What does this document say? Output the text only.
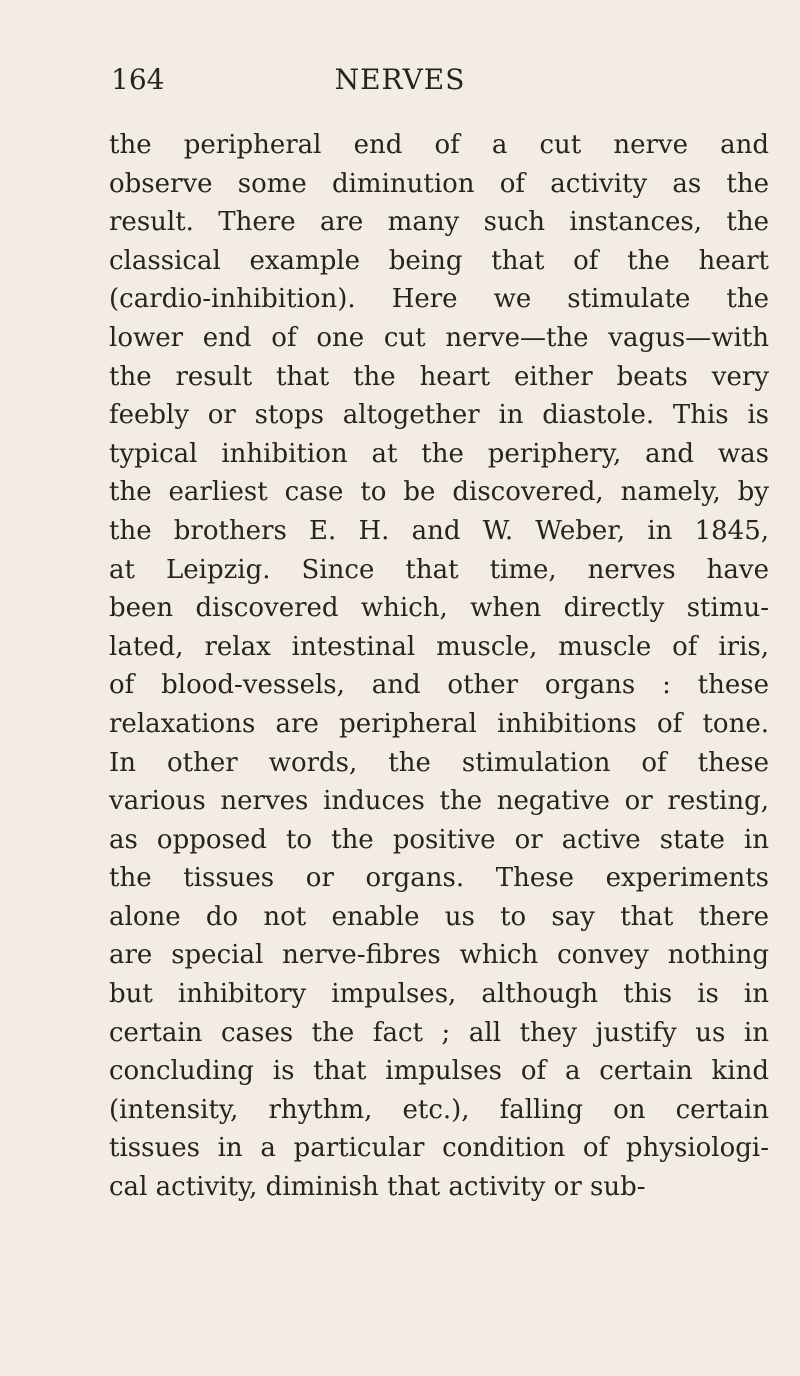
164	NERVES
the peripheral end of a cut nerve and
observe some diminution of activity as the
result. There are many such instances, the
classical example being that of the heart
(cardio-inhibition). Here we stimulate the
lower end of one cut nerve—the vagus—with
the result that the heart either beats very
feebly or stops altogether in diastole. This is
typical inhibition at the periphery, and was
the earliest case to be discovered, namely, by
the brothers E. H. and W. Weber, in 1845,
at Leipzig. Since that time, nerves have
been discovered which, when directly stimu-
lated, relax intestinal muscle, muscle of iris,
of blood-vessels, and other organs : these
relaxations are peripheral inhibitions of tone.
In other words, the stimulation of these
various nerves induces the negative or resting,
as opposed to the positive or active state in
the tissues or organs. These experiments
alone do not enable us to say that there
are special nerve-fibres which convey nothing
but inhibitory impulses, although this is in
certain cases the fact ; all they justify us in
concluding is that impulses of a certain kind
(intensity, rhythm, etc.), falling on certain
tissues in a particular condition of physiologi-
cal activity, diminish that activity or sub-
